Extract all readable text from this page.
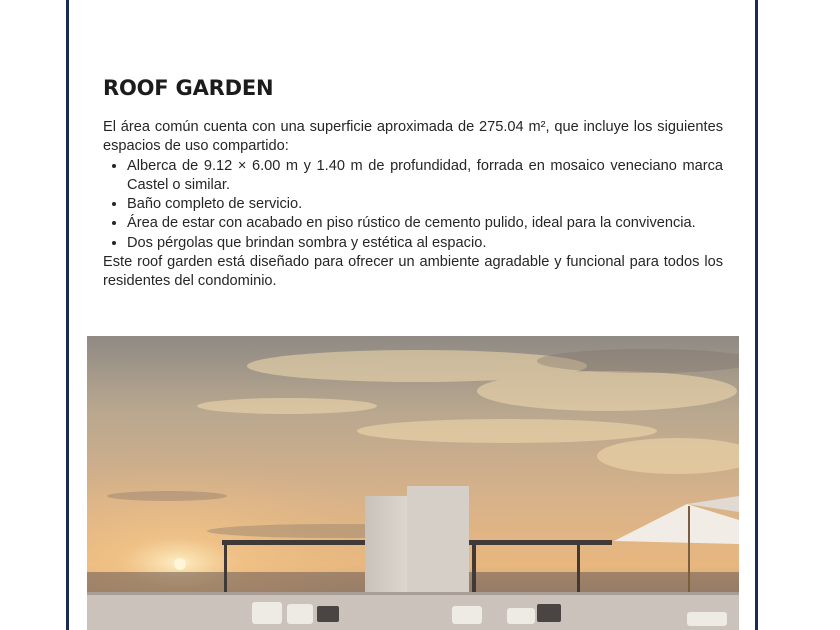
ROOF GARDEN

El área común cuenta con una superficie aproximada de 275.04 m², que incluye los siguientes espacios de uso compartido:

• Alberca de 9.12 × 6.00 m y 1.40 m de profundidad, forrada en mosaico veneciano marca Castel o similar.
• Baño completo de servicio.
• Área de estar con acabado en piso rústico de cemento pulido, ideal para la convivencia.
• Dos pérgolas que brindan sombra y estética al espacio.

Este roof garden está diseñado para ofrecer un ambiente agradable y funcional para todos los residentes del condominio.
